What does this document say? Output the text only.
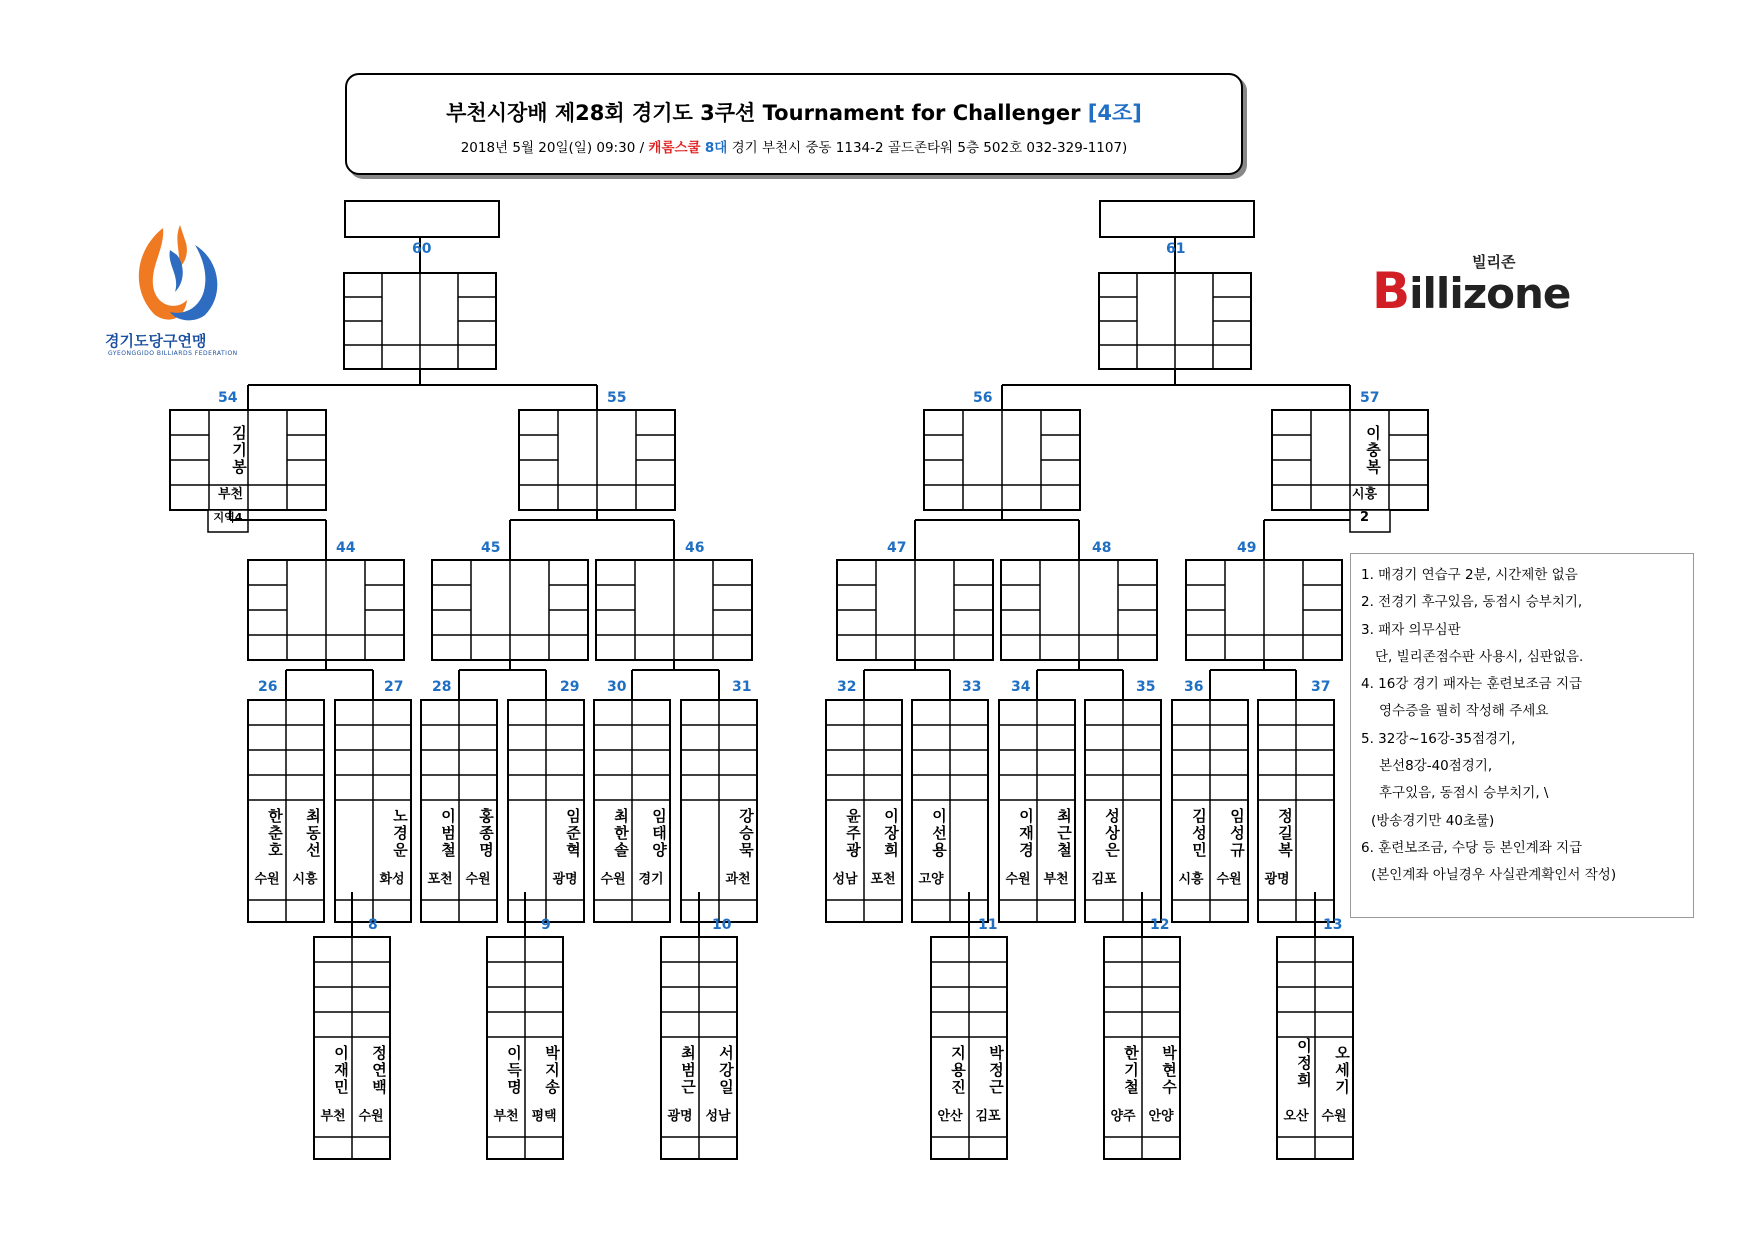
부천시장배 제28회 경기도 3쿠션 Tournament for Challenger [4조]
2018년 5월 20일(일) 09:30 / 캐롬스쿨 8대 경기 부천시 중동 1134-2 골드존타워 5층 502호 032-329-1107)
경기도당구연맹
GYEONGGIDO BILLIARDS FEDERATION
빌리존
Billizone
1. 매경기 연습구 2분, 시간제한 없음
2. 전경기 후구있음, 동점시 승부치기,
3. 패자 의무심판
단, 빌리존점수판 사용시, 심판없음.
4. 16강 경기 패자는 훈련보조금 지급
영수증을 필히 작성해 주세요
5. 32강~16강-35점경기,
본선8강-40점경기,
후구있음, 동점시 승부치기, \
(방송경기만 40초룰)
6. 훈련보조금, 수당 등 본인계좌 지급
(본인계좌 아닐경우 사실관계확인서 작성)
60	61
54	55	56	57
44	45	46	47	48	49
26	27 28	29 30	31	32	33 34	35 36	37
8	9	10	11	12	13
김기봉
부천
지역4
이충복
시흥
2
한춘호
수원
최동선
시흥
노경운
화성
이범철
포천
홍종명
수원
임준혁
광명
최한솔
수원
임태양
경기
강승묵
과천
윤주광
성남
이장희
포천
이선용
고양
이재경
수원
최근철
부천
성상은
김포
김성민
시흥
임성규
수원
정길복
광명
이재민
부천
정연백
수원
이득명
부천
박지송
평택
최범근
광명
서강일
성남
지용진
안산
박정근
김포
한기철
양주
박현수
안양
이정희
오산
오세기
수원
